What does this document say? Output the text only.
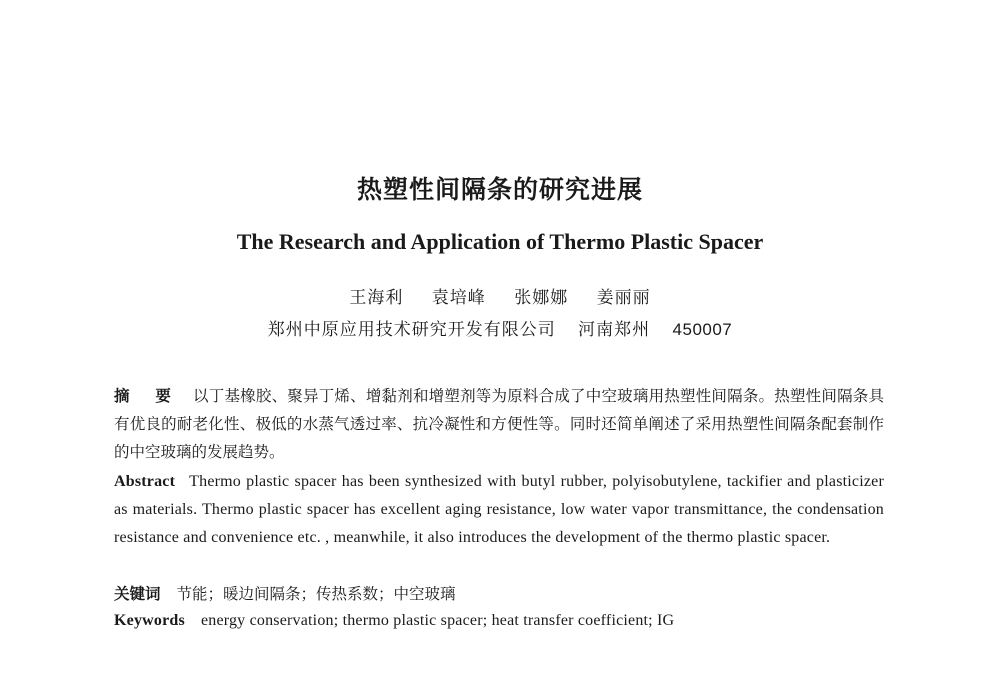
热塑性间隔条的研究进展
The Research and Application of Thermo Plastic Spacer
王海利 袁培峰 张娜娜 姜丽丽
郑州中原应用技术研究开发有限公司 河南郑州 450007
摘 要 以丁基橡胶、聚异丁烯、增黏剂和增塑剂等为原料合成了中空玻璃用热塑性间隔条。热塑性间隔条具有优良的耐老化性、极低的水蒸气透过率、抗冷凝性和方便性等。同时还简单阐述了采用热塑性间隔条配套制作的中空玻璃的发展趋势。
Abstract Thermo plastic spacer has been synthesized with butyl rubber, polyisobutylene, tackifier and plasticizer as materials. Thermo plastic spacer has excellent aging resistance, low water vapor transmittance, the condensation resistance and convenience etc. , meanwhile, it also introduces the development of the thermo plastic spacer.
关键词 节能；暖边间隔条；传热系数；中空玻璃
Keywords energy conservation; thermo plastic spacer; heat transfer coefficient; IG
